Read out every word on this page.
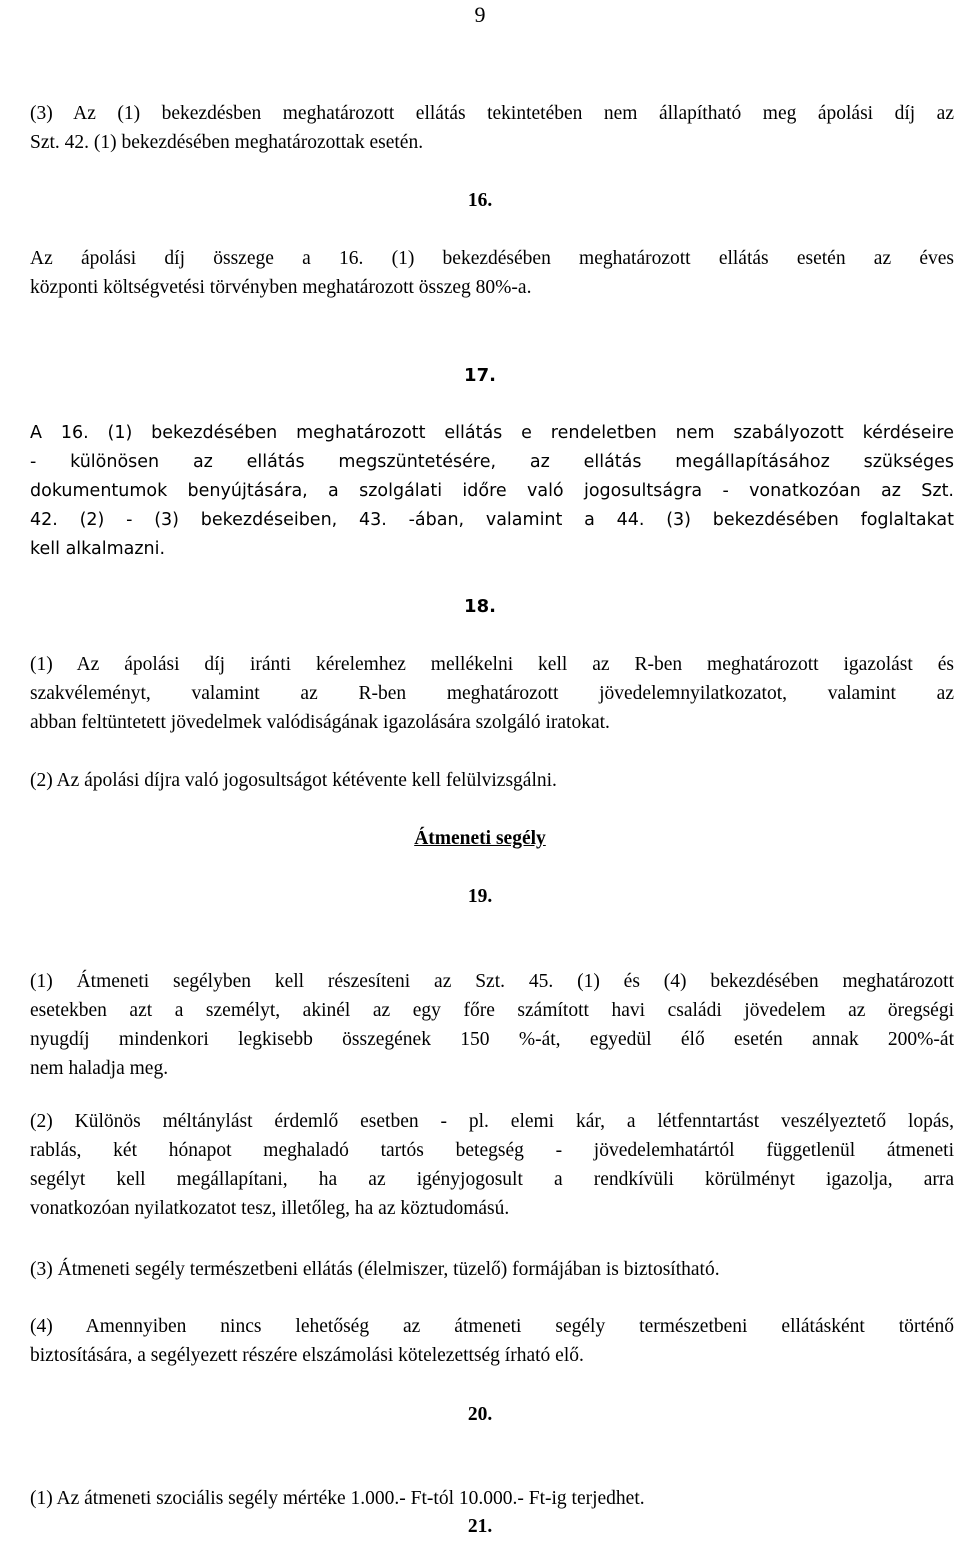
9
(3) Az (1) bekezdésben meghatározott ellátás tekintetében nem állapítható meg ápolási díj az
Szt. 42. (1) bekezdésében meghatározottak esetén.
16.
Az ápolási díj összege a 16. (1) bekezdésében meghatározott ellátás esetén az éves
központi költségvetési törvényben meghatározott összeg 80%-a.
17.
A 16. (1) bekezdésében meghatározott ellátás e rendeletben nem szabályozott kérdéseire
- különösen az ellátás megszüntetésére, az ellátás megállapításához szükséges
dokumentumok benyújtására, a szolgálati időre való jogosultságra - vonatkozóan az Szt.
42. (2) - (3) bekezdéseiben, 43. -ában, valamint a 44. (3) bekezdésében foglaltakat
kell alkalmazni.
18.
(1) Az ápolási díj iránti kérelemhez mellékelni kell az R-ben meghatározott igazolást és
szakvéleményt, valamint az R-ben meghatározott jövedelemnyilatkozatot, valamint az
abban feltüntetett jövedelmek valódiságának igazolására szolgáló iratokat.
(2) Az ápolási díjra való jogosultságot kétévente kell felülvizsgálni.
Átmeneti segély
19.
(1) Átmeneti segélyben kell részesíteni az Szt. 45. (1) és (4) bekezdésében meghatározott
esetekben azt a személyt, akinél az egy főre számított havi családi jövedelem az öregségi
nyugdíj mindenkori legkisebb összegének 150 %-át, egyedül élő esetén annak 200%-át
nem haladja meg.
(2) Különös méltánylást érdemlő esetben - pl. elemi kár, a létfenntartást veszélyeztető lopás,
rablás, két hónapot meghaladó tartós betegség - jövedelemhatártól függetlenül átmeneti
segélyt kell megállapítani, ha az igényjogosult a rendkívüli körülményt igazolja, arra
vonatkozóan nyilatkozatot tesz, illetőleg, ha az köztudomású.
(3) Átmeneti segély természetbeni ellátás (élelmiszer, tüzelő) formájában is biztosítható.
(4) Amennyiben nincs lehetőség az átmeneti segély természetbeni ellátásként történő
biztosítására, a segélyezett részére elszámolási kötelezettség írható elő.
20.
(1) Az átmeneti szociális segély mértéke 1.000.- Ft-tól 10.000.- Ft-ig terjedhet.
21.
